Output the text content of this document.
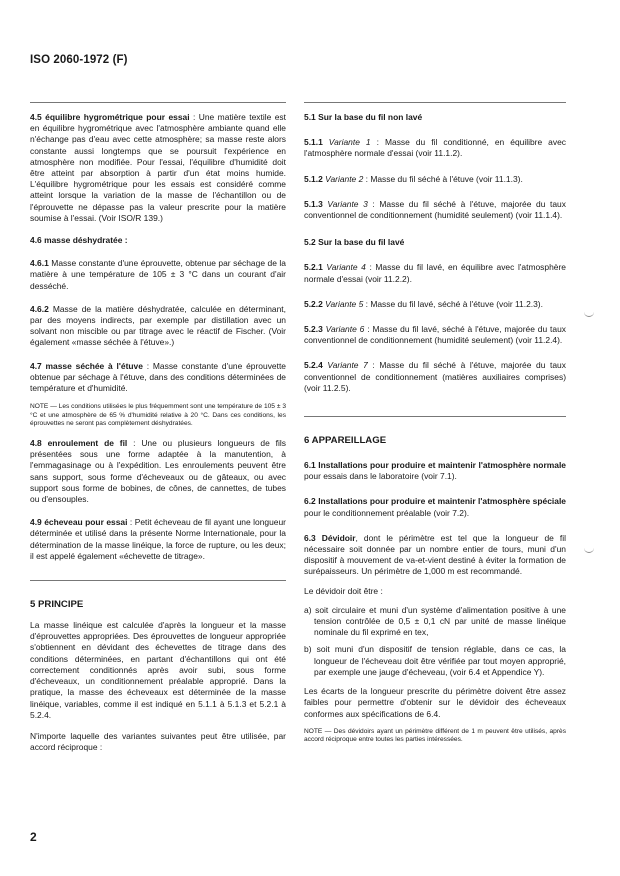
ISO 2060-1972 (F)

4.5 équilibre hygrométrique pour essai : Une matière textile est en équilibre hygrométrique avec l'atmosphère ambiante quand elle n'échange pas d'eau avec cette atmosphère; sa masse reste alors constante aussi longtemps que se poursuit l'expérience en atmosphère non modifiée. Pour l'essai, l'équilibre d'humidité doit être atteint par absorption à partir d'un état moins humide. L'équilibre hygrométrique pour les essais est considéré comme atteint lorsque la variation de la masse de l'échantillon ou de l'éprouvette ne dépasse pas la valeur prescrite pour la matière soumise à l'essai. (Voir ISO/R 139.)

4.6 masse déshydratée :

4.6.1 Masse constante d'une éprouvette, obtenue par séchage de la matière à une température de 105 ± 3 °C dans un courant d'air desséché.

4.6.2 Masse de la matière déshydratée, calculée en déterminant, par des moyens indirects, par exemple par distillation avec un solvant non miscible ou par titrage avec le réactif de Fischer. (Voir également «masse séchée à l'étuve».)

4.7 masse séchée à l'étuve : Masse constante d'une éprouvette obtenue par séchage à l'étuve, dans des conditions déterminées de température et d'humidité.

NOTE — Les conditions utilisées le plus fréquemment sont une température de 105 ± 3 °C et une atmosphère de 65 % d'humidité relative à 20 °C. Dans ces conditions, les éprouvettes ne seront pas complètement déshydratées.

4.8 enroulement de fil : Une ou plusieurs longueurs de fils présentées sous une forme adaptée à la manutention, à l'emmagasinage ou à l'expédition. Les enroulements peuvent être sans support, sous forme d'écheveaux ou de gâteaux, ou avec support sous forme de bobines, de cônes, de cannettes, de tubes ou d'ensouples.

4.9 écheveau pour essai : Petit écheveau de fil ayant une longueur déterminée et utilisé dans la présente Norme Internationale, pour la détermination de la masse linéique, la force de rupture, ou les deux; il est appelé également «échevette de titrage».

5 PRINCIPE

La masse linéique est calculée d'après la longueur et la masse d'éprouvettes appropriées. Des éprouvettes de longueur appropriée s'obtiennent en dévidant des échevettes de titrage dans des conditions déterminées, en partant d'échantillons qui ont été correctement conditionnés après avoir subi, sous forme d'écheveaux, un conditionnement préalable approprié. Dans la pratique, la masse des écheveaux est déterminée de la masse linéique, variables, comme il est indiqué en 5.1.1 à 5.1.3 et 5.2.1 à 5.2.4.

N'importe laquelle des variantes suivantes peut être utilisée, par accord réciproque :

5.1 Sur la base du fil non lavé

5.1.1 Variante 1 : Masse du fil conditionné, en équilibre avec l'atmosphère normale d'essai (voir 11.1.2).

5.1.2 Variante 2 : Masse du fil séché à l'étuve (voir 11.1.3).

5.1.3 Variante 3 : Masse du fil séché à l'étuve, majorée du taux conventionnel de conditionnement (humidité seulement) (voir 11.1.4).

5.2 Sur la base du fil lavé

5.2.1 Variante 4 : Masse du fil lavé, en équilibre avec l'atmosphère normale d'essai (voir 11.2.2).

5.2.2 Variante 5 : Masse du fil lavé, séché à l'étuve (voir 11.2.3).

5.2.3 Variante 6 : Masse du fil lavé, séché à l'étuve, majorée du taux conventionnel de conditionnement (humidité seulement) (voir 11.2.4).

5.2.4 Variante 7 : Masse du fil séché à l'étuve, majorée du taux conventionnel de conditionnement (matières auxiliaires comprises) (voir 11.2.5).

6 APPAREILLAGE

6.1 Installations pour produire et maintenir l'atmosphère normale pour essais dans le laboratoire (voir 7.1).

6.2 Installations pour produire et maintenir l'atmosphère spéciale pour le conditionnement préalable (voir 7.2).

6.3 Dévidoir, dont le périmètre est tel que la longueur de fil nécessaire soit donnée par un nombre entier de tours, muni d'un dispositif à mouvement de va-et-vient destiné à éviter la formation de surépaisseurs. Un périmètre de 1,000 m est recommandé.

Le dévidoir doit être :

a) soit circulaire et muni d'un système d'alimentation positive à une tension contrôlée de 0,5 ± 0,1 cN par unité de masse linéique nominale du fil exprimé en tex,

b) soit muni d'un dispositif de tension réglable, dans ce cas, la longueur de l'écheveau doit être vérifiée par tout moyen approprié, par exemple une jauge d'écheveau, (voir 6.4 et Appendice Y).

Les écarts de la longueur prescrite du périmètre doivent être assez faibles pour permettre d'obtenir sur le dévidoir des écheveaux conformes aux spécifications de 6.4.

NOTE — Des dévidoirs ayant un périmètre différent de 1 m peuvent être utilisés, après accord réciproque entre toutes les parties intéressées.

2
